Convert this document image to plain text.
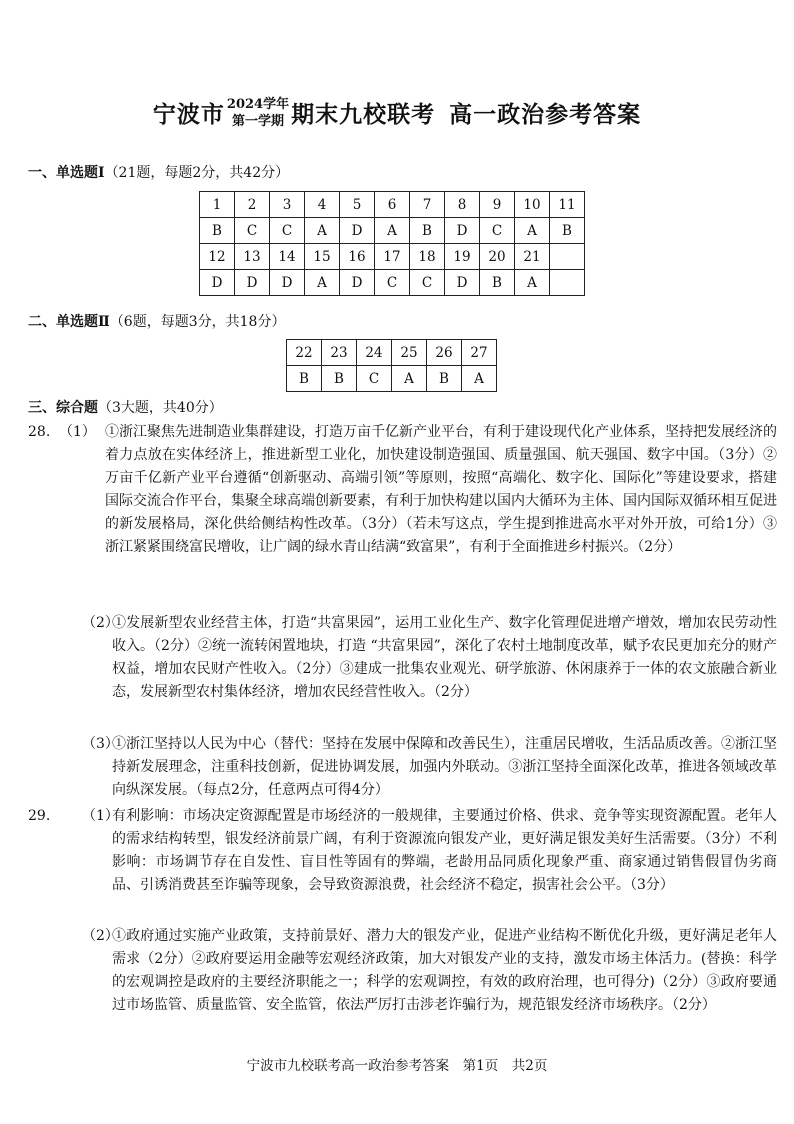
宁波市 2024学年
第一学期 期末九校联考 高一政治参考答案
一、单选题Ⅰ（21题，每题2分，共42分）
1	2	3	4	5	6	7	8	9	10	11
B	C	C	A	D	A	B	D	C	A	B
12	13	14	15	16	17	18	19	20	21	
D	D	D	A	D	C	C	D	B	A	
二、单选题Ⅱ（6题，每题3分，共18分）
22	23	24	25	26	27
B	B	C	A	B	A
三、综合题（3大题，共40分）
28. （1） ①浙江聚焦先进制造业集群建设，打造万亩千亿新产业平台，有利于建设现代化产业体系，坚持把发展经济的着力点放在实体经济上，推进新型工业化，加快建设制造强国、质量强国、航天强国、数字中国。（3分）②万亩千亿新产业平台遵循“创新驱动、高端引领”等原则，按照“高端化、数字化、国际化”等建设要求，搭建国际交流合作平台，集聚全球高端创新要素，有利于加快构建以国内大循环为主体、国内国际双循环相互促进的新发展格局，深化供给侧结构性改革。（3分）（若未写这点，学生提到推进高水平对外开放，可给1分）③浙江紧紧围绕富民增收，让广阔的绿水青山结满“致富果”，有利于全面推进乡村振兴。（2分）
（2）
①发展新型农业经营主体，打造“共富果园”，运用工业化生产、数字化管理促进增产增效，增加农民劳动性收入。（2分）②统一流转闲置地块，打造 “共富果园”，深化了农村土地制度改革，赋予农民更加充分的财产权益，增加农民财产性收入。（2分）③建成一批集农业观光、研学旅游、休闲康养于一体的农文旅融合新业态，发展新型农村集体经济，增加农民经营性收入。（2分）
（3）
①浙江坚持以人民为中心（替代：坚持在发展中保障和改善民生），注重居民增收，生活品质改善。②浙江坚持新发展理念，注重科技创新，促进协调发展，加强内外联动。③浙江坚持全面深化改革，推进各领域改革向纵深发展。（每点2分，任意两点可得4分）
29. （1）
有利影响：市场决定资源配置是市场经济的一般规律，主要通过价格、供求、竞争等实现资源配置。老年人的需求结构转型，银发经济前景广阔，有利于资源流向银发产业，更好满足银发美好生活需要。（3分）不利影响：市场调节存在自发性、盲目性等固有的弊端，老龄用品同质化现象严重、商家通过销售假冒伪劣商品、引诱消费甚至诈骗等现象，会导致资源浪费，社会经济不稳定，损害社会公平。（3分）
（2）
①政府通过实施产业政策，支持前景好、潜力大的银发产业，促进产业结构不断优化升级，更好满足老年人需求（2分）②政府要运用金融等宏观经济政策，加大对银发产业的支持，激发市场主体活力。(替换：科学的宏观调控是政府的主要经济职能之一；科学的宏观调控，有效的政府治理，也可得分)（2分）③政府要通过市场监管、质量监管、安全监管，依法严厉打击涉老诈骗行为，规范银发经济市场秩序。（2分）
宁波市九校联考高一政治参考答案　第1页　共2页
